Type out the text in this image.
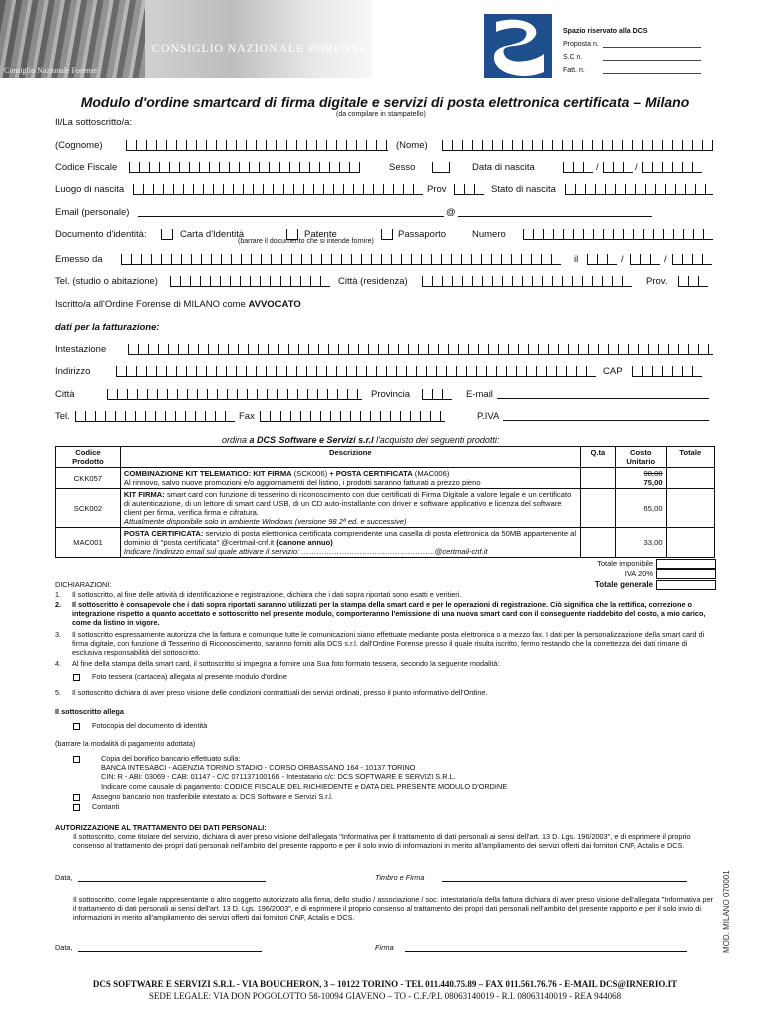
CONSIGLIO NAZIONALE FORENSE
Consiglio Nazionale Forense
Spazio riservato alla DCS
Proposta n.
S.C n.
Fatt. n.
Modulo d'ordine smartcard di firma digitale e servizi di posta elettronica certificata – Milano
(da compilare in stampatello)
Il/La sottoscritto/a:
(Cognome)	(Nome)
Codice Fiscale	Sesso	Data di nascita	/	/
Luogo di nascita	Prov	Stato di nascita
Email (personale)	@
Documento d'identità:	Carta d'Identità	Patente	Passaporto
(barrare il documento che si intende fornire)
Numero
Emesso da	il	/	/
Tel. (studio o abitazione)	Città (residenza)	Prov.
Iscritto/a all'Ordine Forense di MILANO come AVVOCATO
dati per la fatturazione:
Intestazione
Indirizzo	CAP
Città	Provincia	E-mail
Tel.	Fax	P.IVA
ordina a DCS Software e Servizi s.r.l l'acquisto dei seguenti prodotti:
Codice Prodotto	Descrizione	Q.ta	Costo Unitario	Totale
CKK057	COMBINAZIONE KIT TELEMATICO: KIT FIRMA (SCK006) + POSTA CERTIFICATA (MAC006)
Al rinnovo, salvo nuove promozioni e/o aggiornamenti del listino, i prodotti saranno fatturati a prezzo pieno		98,00
75,00	
SCK002	KIT FIRMA: smart card con funzione di tesserino di riconoscimento con due certificati di Firma Digitale a valore legale e un certificato di autenticazione, di un lettore di smart card USB, di un CD auto-installante con driver e software applicativo e licenza del software client per firma, verifica firma e cifratura.
Attualmente disponibile solo in ambiente Windows (versione 98 2ª ed. e successive)		65,00	
MAC001	POSTA CERTIFICATA: servizio di posta elettronica certificata comprendente una casella di posta elettronica da 50MB appartenente al dominio di "posta certificata" @certmail-cnf.it (canone annuo)
Indicare l'indirizzo email sul quale attivare il servizio: ……………………………………………..@certmail-cnf.it		33,00	
Totale imponibile
IVA 20%
Totale generale
DICHIARAZIONI:
1.	Il sottoscritto, al fine delle attività di identificazione e registrazione, dichiara che i dati sopra riportati sono esatti e veritieri.
2.	Il sottoscritto è consapevole che i dati sopra riportati saranno utilizzati per la stampa della smart card e per le operazioni di registrazione. Ciò significa che la rettifica, correzione o integrazione rispetto a quanto accettato e sottoscritto nel presente modulo, comporteranno l'emissione di una nuova smart card con il conseguente riaddebito del costo, a mio carico, come da listino in vigore.
3.	Il sottoscritto espressamente autorizza che la fattura e comunque tutte le comunicazioni siano effettuate mediante posta elettronica o a mezzo fax. I dati per la personalizzazione della smart card di firma digitale, con funzione di Tesserino di Riconoscimento, saranno forniti alla DCS s.r.l. dall'Ordine Forense presso il quale risulta iscritto, fermo restando che la correttezza dei dati rimane di esclusiva responsabilità del sottoscritto.
4.	Al fine della stampa della smart card, il sottoscritto si impegna a fornire una Sua foto formato tessera, secondo la seguente modalità:
Foto tessera (cartacea) allegata al presente modulo d'ordine
5.	Il sottoscritto dichiara di aver preso visione delle condizioni contrattuali dei servizi ordinati, presso il punto informativo dell'Ordine.
Il sottoscritto allega
Fotocopia del documento di identità
(barrare la modalità di pagamento adottata)
Copia del bonifico bancario effettuato sulla:
BANCA INTESABCI - AGENZIA TORINO STADIO - CORSO ORBASSANO 164 - 10137 TORINO
CIN: R - ABI: 03069 - CAB: 01147 - C/C 071137100166 - Intestatario c/c: DCS SOFTWARE E SERVIZI S.R.L.
Indicare come causale di pagamento: CODICE FISCALE DEL RICHIEDENTE e DATA DEL PRESENTE MODULO D'ORDINE
Assegno bancario non trasferibile intestato a: DCS Software e Servizi S.r.l.
Contanti
AUTORIZZAZIONE AL TRATTAMENTO DEI DATI PERSONALI:
Il sottoscritto, come titolare del servizio, dichiara di aver preso visione dell'allegata "Informativa per il trattamento di dati personali ai sensi dell'art. 13 D. Lgs. 196/2003", e di esprimere il proprio consenso al trattamento dei propri dati personali nell'ambito del presente rapporto e per il solo invio di informazioni in merito all'ampliamento dei servizi offerti dai fornitori CNF, Actalis e DCS.
Data,	Timbro e Firma
Il sottoscritto, come legale rappresentante o altro soggetto autorizzato alla firma, dello studio / associazione / soc. intestatario/a della fattura dichiara di aver preso visione dell'allegata "Informativa per il trattamento di dati personali ai sensi dell'art. 13 D. Lgs. 196/2003", e di esprimere il proprio consenso al trattamento dei propri dati personali nell'ambito del presente rapporto e per il solo invio di informazioni in merito all'ampliamento dei servizi offerti dai fornitori CNF, Actalis e DCS.
Data,	Firma	MOD. MILANO 070001
DCS SOFTWARE E SERVIZI S.R.L - VIA BOUCHERON, 3 – 10122 TORINO - TEL 011.440.75.89 – FAX 011.561.76.76 - E-MAIL DCS@IRNERIO.IT
SEDE LEGALE: VIA DON POGOLOTTO 58-10094 GIAVENO – TO - C.F./P.I. 08063140019 - R.I. 08063140019 - REA 944068
